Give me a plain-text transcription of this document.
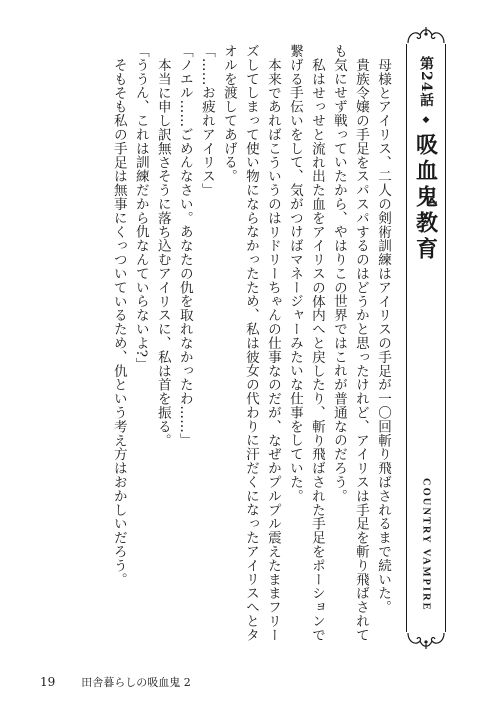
第24話
◆
吸血鬼教育
COUNTRY VAMPIRE

母様とアイリス、二人の剣術訓練はアイリスの手足が一〇回斬り飛ばされるまで続いた。

貴族令嬢の手足をスパスパするのはどうかと思ったけれど、アイリスは手足を斬り飛ばされても気にせず戦っていたから、やはりこの世界ではこれが普通なのだろう。

私はせっせと流れ出た血をアイリスの体内へと戻したり、斬り飛ばされた手足をポーションで繋げる手伝いをして、気がつけばマネージャーみたいな仕事をしていた。

本来であればこういうのはリドリーちゃんの仕事なのだが、なぜかプルプル震えたままフリーズしてしまって使い物にならなかったため、私は彼女の代わりに汗だくになったアイリスへとタオルを渡してあげる。

「……お疲れアイリス」

「ノエル……ごめんなさい。あなたの仇を取れなかったわ……」

本当に申し訳無さそうに落ち込むアイリスに、私は首を振る。

「ううん、これは訓練だから仇なんていらないよ?」

そもそも私の手足は無事にくっついているため、仇という考え方はおかしいだろう。

19 田舎暮らしの吸血鬼 2
